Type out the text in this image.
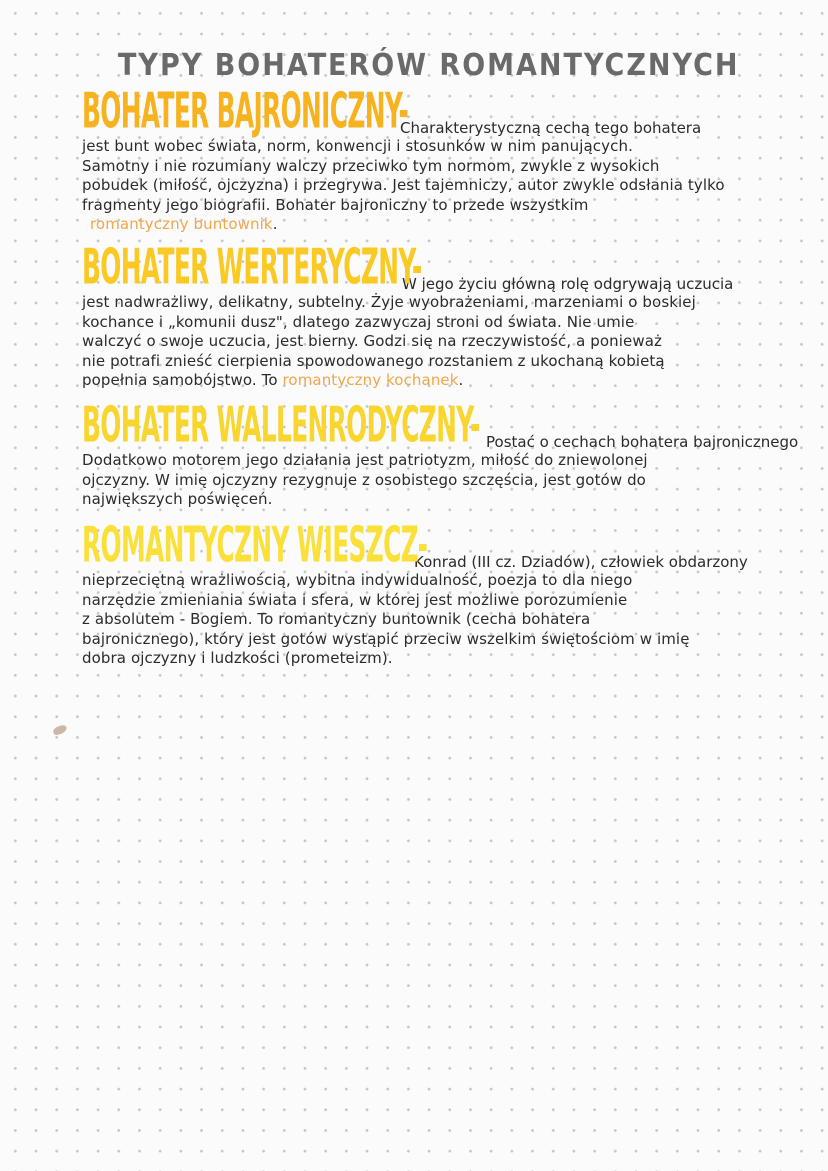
TYPY BOHATERÓW ROMANTYCZNYCH
BOHATER BAJRONICZNY-Charakterystyczną cechą tego bohatera
jest bunt wobec świata, norm, konwencji i stosunków w nim panujących.
Samotny i nie rozumiany walczy przeciwko tym normom, zwykle z wysokich
pobudek (miłość, ojczyzna) i przegrywa. Jest tajemniczy, autor zwykle odsłania tylko
fragmenty jego biografii. Bohater bajroniczny to przede wszystkim
romantyczny buntownik.
BOHATER WERTERYCZNY-W jego życiu główną rolę odgrywają uczucia
jest nadwrażliwy, delikatny, subtelny. Żyje wyobrażeniami, marzeniami o boskiej
kochance i „komunii dusz", dlatego zazwyczaj stroni od świata. Nie umie
walczyć o swoje uczucia, jest bierny. Godzi się na rzeczywistość, a ponieważ
nie potrafi znieść cierpienia spowodowanego rozstaniem z ukochaną kobietą
popełnia samobójstwo. To romantyczny kochanek.
BOHATER WALLENRODYCZNY- Postać o cechach bohatera bajronicznego
Dodatkowo motorem jego działania jest patriotyzm, miłość do zniewolonej
ojczyzny. W imię ojczyzny rezygnuje z osobistego szczęścia, jest gotów do
największych poświęceń.
ROMANTYCZNY WIESZCZ-Konrad (III cz. Dziadów), człowiek obdarzony
nieprzeciętną wrażliwością, wybitna indywidualność, poezja to dla niego
narzędzie zmieniania świata i sfera, w której jest możliwe porozumienie
z absolutem - Bogiem. To romantyczny buntownik (cecha bohatera
bajronicznego), który jest gotów wystąpić przeciw wszelkim świętościom w imię
dobra ojczyzny i ludzkości (prometeizm).
